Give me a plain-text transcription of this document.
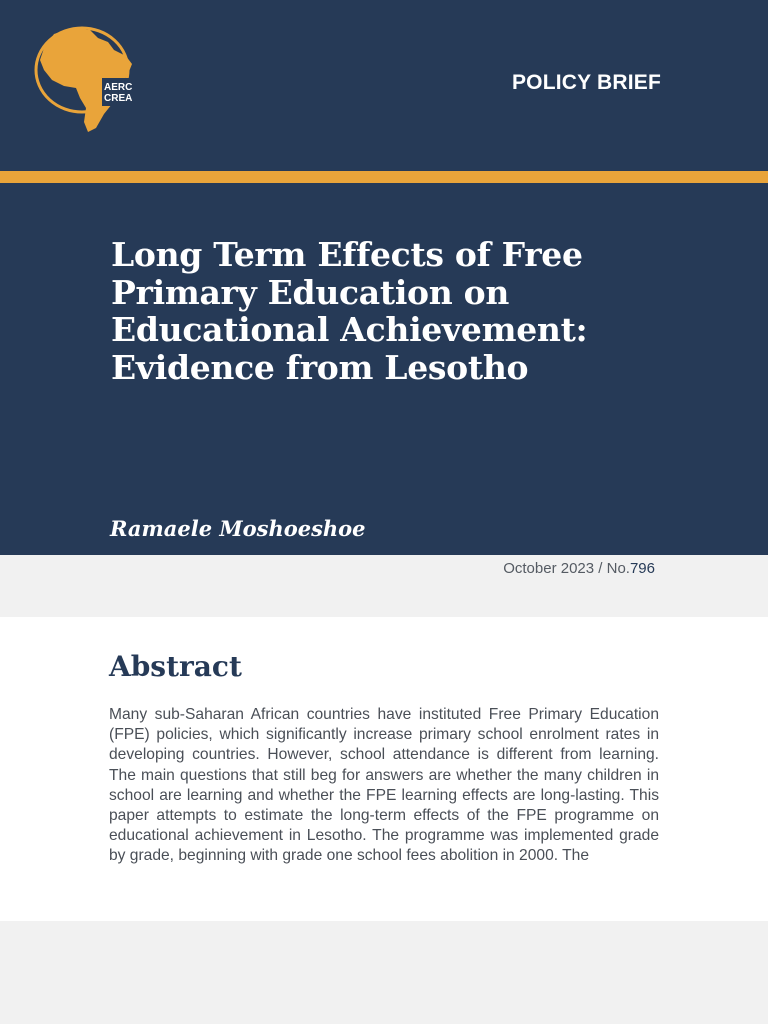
AERC
CREA
POLICY BRIEF
Long Term Effects of Free Primary Education on Educational Achievement: Evidence from Lesotho
Ramaele Moshoeshoe
October 2023 / No.796
Abstract

Many sub-Saharan African countries have instituted Free Primary Education (FPE) policies, which significantly increase primary school enrolment rates in developing countries. However, school attendance is different from learning. The main questions that still beg for answers are whether the many children in school are learning and whether the FPE learning effects are long-lasting. This paper attempts to estimate the long-term effects of the FPE programme on educational achievement in Lesotho. The programme was implemented grade by grade, beginning with grade one school fees abolition in 2000. The
